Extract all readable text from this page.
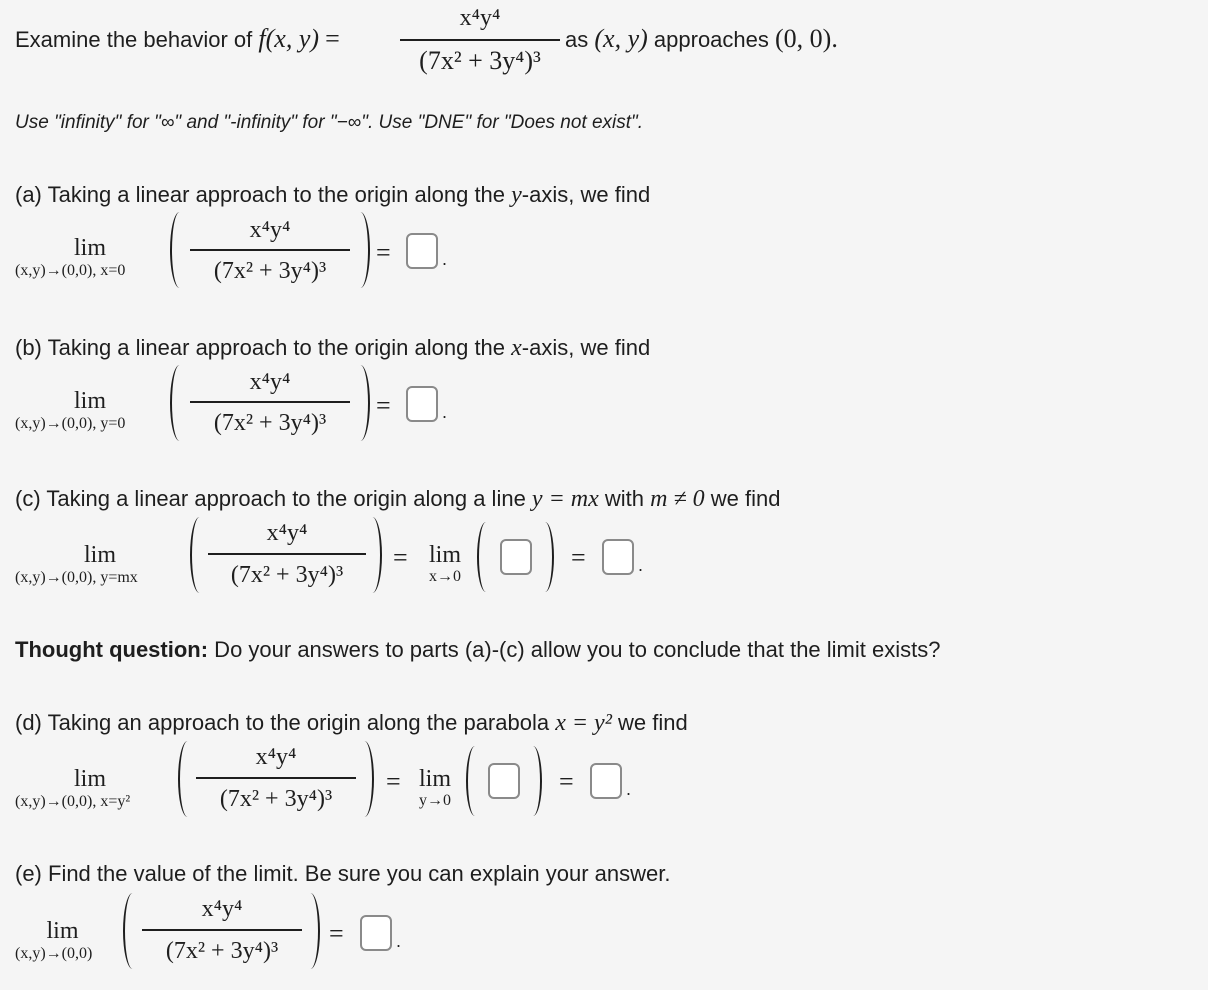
Examine the behavior of f(x, y) =
x⁴y⁴
(7x² + 3y⁴)³
as (x, y) approaches (0, 0).
Use "infinity" for "∞" and "-infinity" for "−∞". Use "DNE" for "Does not exist".
(a) Taking a linear approach to the origin along the y-axis, we find
lim
(x,y)→(0,0), x=0
x⁴y⁴
(7x² + 3y⁴)³
=	.
(b) Taking a linear approach to the origin along the x-axis, we find
lim
(x,y)→(0,0), y=0
x⁴y⁴
(7x² + 3y⁴)³
=	.
(c) Taking a linear approach to the origin along a line y = mx with m ≠ 0 we find
lim
(x,y)→(0,0), y=mx
x⁴y⁴
(7x² + 3y⁴)³
= lim
x→0
=	.
Thought question: Do your answers to parts (a)-(c) allow you to conclude that the limit exists?
(d) Taking an approach to the origin along the parabola x = y² we find
lim
(x,y)→(0,0), x=y²
x⁴y⁴
(7x² + 3y⁴)³
= lim
y→0
=	.
(e) Find the value of the limit. Be sure you can explain your answer.
lim
(x,y)→(0,0)
x⁴y⁴
(7x² + 3y⁴)³
=	.
